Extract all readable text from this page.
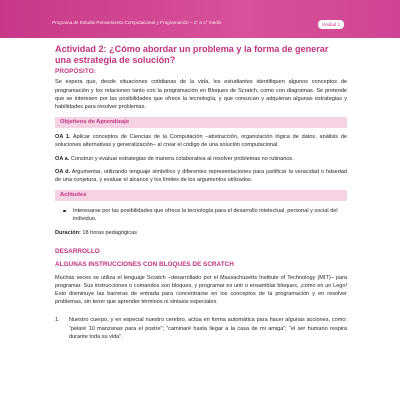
Programa de Estudio Pensamiento Computacional y Programación – 3° a 4° medio	Unidad 1
Actividad 2: ¿Cómo abordar un problema y la forma de generar una estrategia de solución?
PROPÓSITO:

Se espera que, desde situaciones cotidianas de la vida, los estudiantes identifiquen algunos conceptos de programación y los relacionen tanto con la programación en Bloques de Scratch, como con diagramas. Se pretende que se interesen por las posibilidades que ofrece la tecnología, y que conozcan y adquieran algunas estrategias y habilidades para resolver problemas.

Objetivos de Aprendizaje

OA 1. Aplicar conceptos de Ciencias de la Computación –abstracción, organización lógica de datos, análisis de soluciones alternativas y generalización– al crear el código de una solución computacional.

OA a. Construir y evaluar estrategias de manera colaborativa al resolver problemas no rutinarios.

OA d. Argumentar, utilizando lenguaje simbólico y diferentes representaciones para justificar la veracidad o falsedad de una conjetura, y evaluar el alcance y los límites de los argumentos utilizados.

Actitudes
Interesarse por las posibilidades que ofrece la tecnología para el desarrollo intelectual, personal y social del individuo.

Duración: 18 horas pedagógicas

DESARROLLO
ALGUNAS INSTRUCCIONES CON BLOQUES DE SCRATCH

Muchas veces se utiliza el lenguaje Scratch –desarrollado por el Massachusetts Institute of Technology (MIT)– para programar. Sus instrucciones o comandos son bloques, y programar es unir o ensamblar bloques, ¡como en un Lego! Esto disminuye las barreras de entrada para concentrarse en los conceptos de la programación y en resolver problemas, sin tener que aprender términos ni sintaxis especiales.

1. Nuestro cuerpo, y en especial nuestro cerebro, actúa en forma automática para hacer algunas acciones, como: “pelaré 10 manzanas para el postre”; “caminaré hasta llegar a la casa de mi amiga”; “el ser humano respira durante toda su vida”.
